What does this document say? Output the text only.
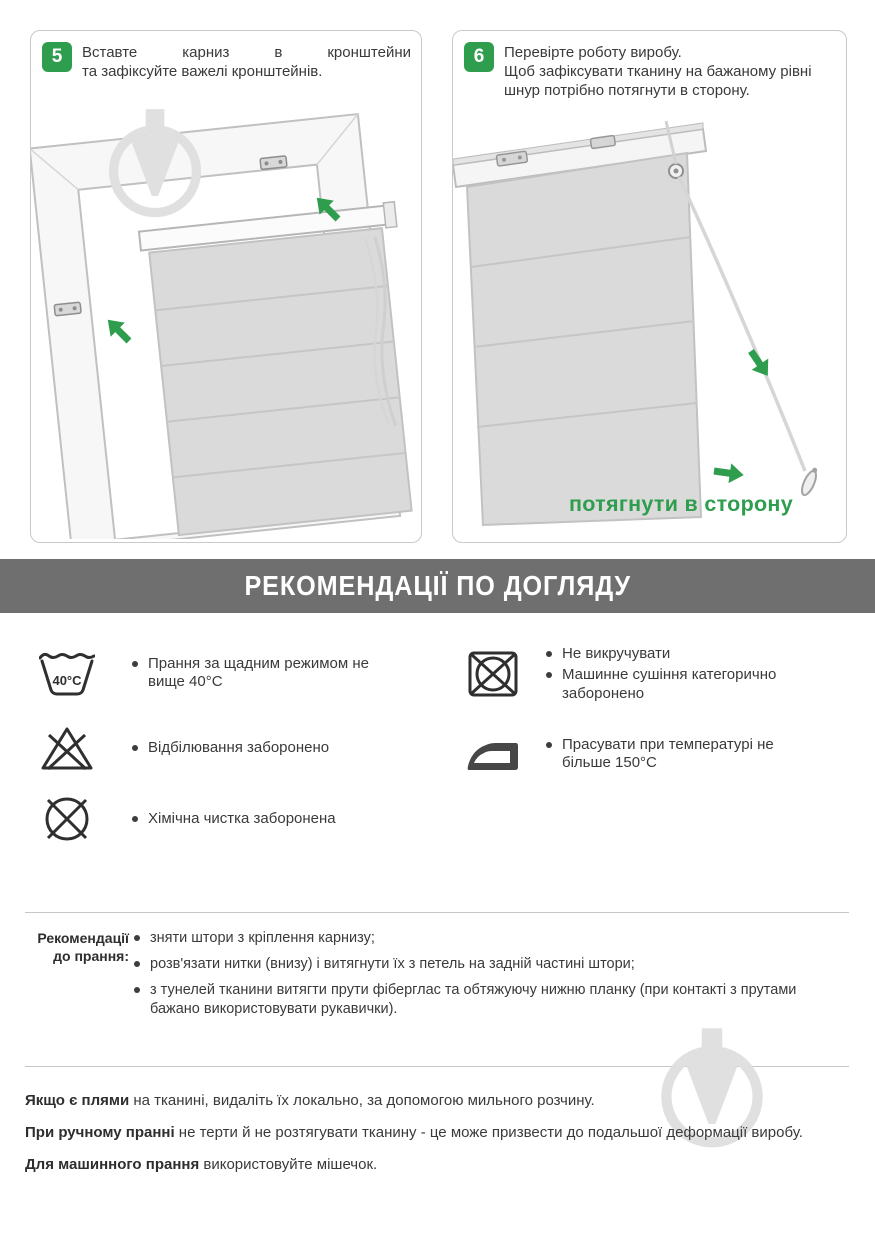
5	Вставте карниз в кронштейни
та зафіксуйте важелі кронштейнів.
6	Перевірте роботу виробу.
Щоб зафіксувати тканину на бажаному рівні
шнур потрібно потягнути в сторону.
потягнути в сторону
РЕКОМЕНДАЦІЇ ПО ДОГЛЯДУ
40°C
Прання за щадним режимом не вище 40°С
Відбілювання заборонено
Хімічна чистка заборонена
Не викручувати
Машинне сушіння категорично заборонено
Прасувати при температурі не більше 150°С
Рекомендації до прання:
зняти штори з кріплення карнизу;
розв'язати нитки (внизу) і витягнути їх з петель на задній частині штори;
з тунелей тканини витягти прути фіберглас та обтяжуючу нижню планку (при контакті з прутами бажано використовувати рукавички).
Якщо є плями на тканині, видаліть їх локально, за допомогою мильного розчину.
При ручному пранні не терти й не розтягувати тканину - це може призвести до подальшої деформації виробу.
Для машинного прання використовуйте мішечок.
